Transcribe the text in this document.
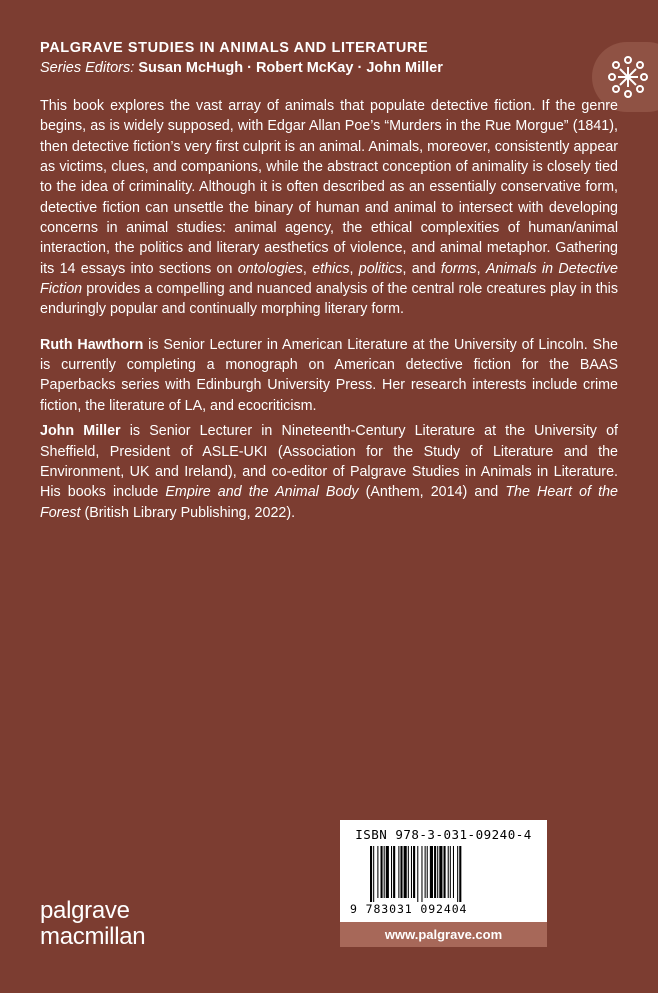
PALGRAVE STUDIES IN ANIMALS AND LITERATURE
Series Editors: Susan McHugh · Robert McKay · John Miller

This book explores the vast array of animals that populate detective fiction. If the genre begins, as is widely supposed, with Edgar Allan Poe’s “Murders in the Rue Morgue” (1841), then detective fiction’s very first culprit is an animal. Animals, moreover, consistently appear as victims, clues, and companions, while the abstract conception of animality is closely tied to the idea of criminality. Although it is often described as an essentially conservative form, detective fiction can unsettle the binary of human and animal to intersect with developing concerns in animal studies: animal agency, the ethical complexities of human/animal interaction, the politics and literary aesthetics of violence, and animal metaphor. Gathering its 14 essays into sections on ontologies, ethics, politics, and forms, Animals in Detective Fiction provides a compelling and nuanced analysis of the central role creatures play in this enduringly popular and continually morphing literary form.

Ruth Hawthorn is Senior Lecturer in American Literature at the University of Lincoln. She is currently completing a monograph on American detective fiction for the BAAS Paperbacks series with Edinburgh University Press. Her research interests include crime fiction, the literature of LA, and ecocriticism.

John Miller is Senior Lecturer in Nineteenth-Century Literature at the University of Sheffield, President of ASLE-UKI (Association for the Study of Literature and the Environment, UK and Ireland), and co-editor of Palgrave Studies in Animals in Literature. His books include Empire and the Animal Body (Anthem, 2014) and The Heart of the Forest (British Library Publishing, 2022).

ISBN 978-3-031-09240-4
9 783031 092404
www.palgrave.com
palgrave
macmillan
